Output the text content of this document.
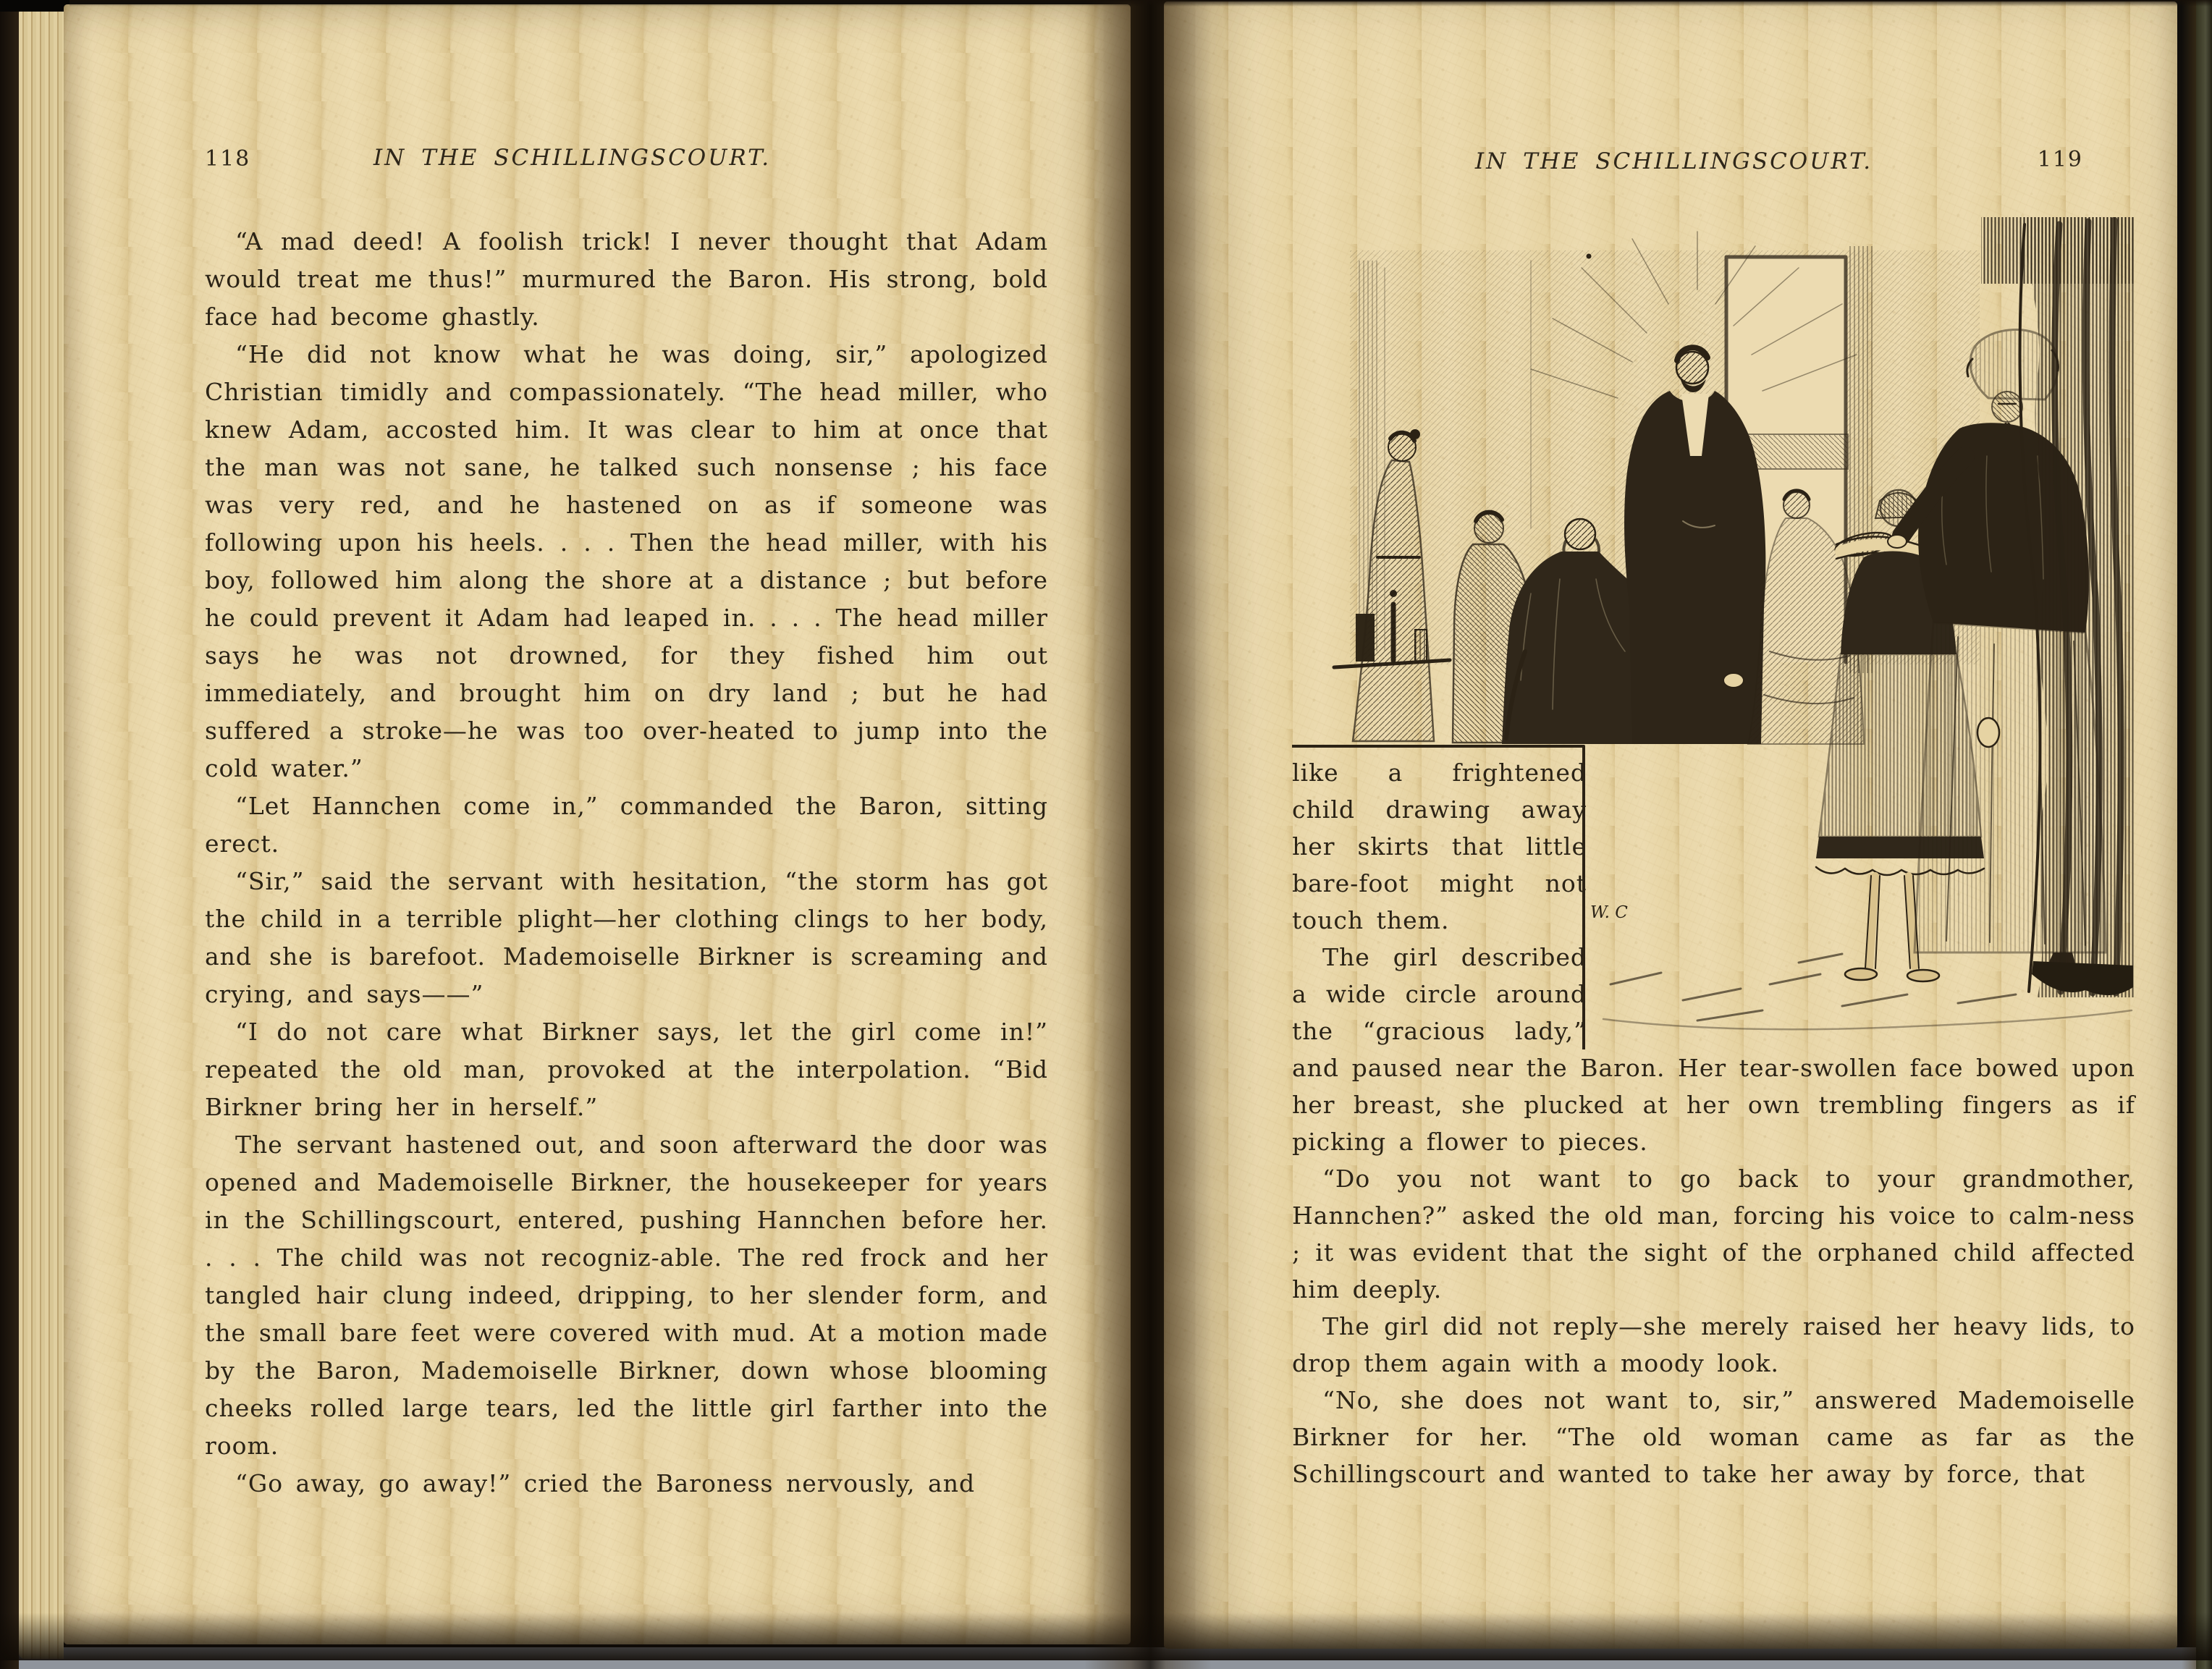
118	IN THE SCHILLINGSCOURT.

“A mad deed! A foolish trick! I never thought that Adam would treat me thus!” murmured the Baron. His strong, bold face had become ghastly.

“He did not know what he was doing, sir,” apologized Christian timidly and compassionately. “The head miller, who knew Adam, accosted him. It was clear to him at once that the man was not sane, he talked such nonsense ; his face was very red, and he hastened on as if someone was following upon his heels. . . . Then the head miller, with his boy, followed him along the shore at a distance ; but before he could prevent it Adam had leaped in. . . . The head miller says he was not drowned, for they fished him out immediately, and brought him on dry land ; but he had suffered a stroke—he was too over-heated to jump into the cold water.”

“Let Hannchen come in,” commanded the Baron, sitting erect.

“Sir,” said the servant with hesitation, “the storm has got the child in a terrible plight—her clothing clings to her body, and she is barefoot. Mademoiselle Birkner is screaming and crying, and says——”

“I do not care what Birkner says, let the girl come in!” repeated the old man, provoked at the interpolation. “Bid Birkner bring her in herself.”

The servant hastened out, and soon afterward the door was opened and Mademoiselle Birkner, the housekeeper for years in the Schillingscourt, entered, pushing Hannchen before her. . . . The child was not recogniz-able. The red frock and her tangled hair clung indeed, dripping, to her slender form, and the small bare feet were covered with mud. At a motion made by the Baron, Mademoiselle Birkner, down whose blooming cheeks rolled large tears, led the little girl farther into the room.

“Go away, go away!” cried the Baroness nervously, and

IN THE SCHILLINGSCOURT.	119
W. C

like a frightened child drawing away her skirts that little bare-foot might not touch them.

The girl described a wide circle around the “gracious lady,” and paused near the Baron. Her tear-swollen face bowed upon her breast, she plucked at her own trembling fingers as if picking a flower to pieces.

“Do you not want to go back to your grandmother, Hannchen?” asked the old man, forcing his voice to calm-ness ; it was evident that the sight of the orphaned child affected him deeply.

The girl did not reply—she merely raised her heavy lids, to drop them again with a moody look.

“No, she does not want to, sir,” answered Mademoiselle Birkner for her. “The old woman came as far as the Schillingscourt and wanted to take her away by force, that
